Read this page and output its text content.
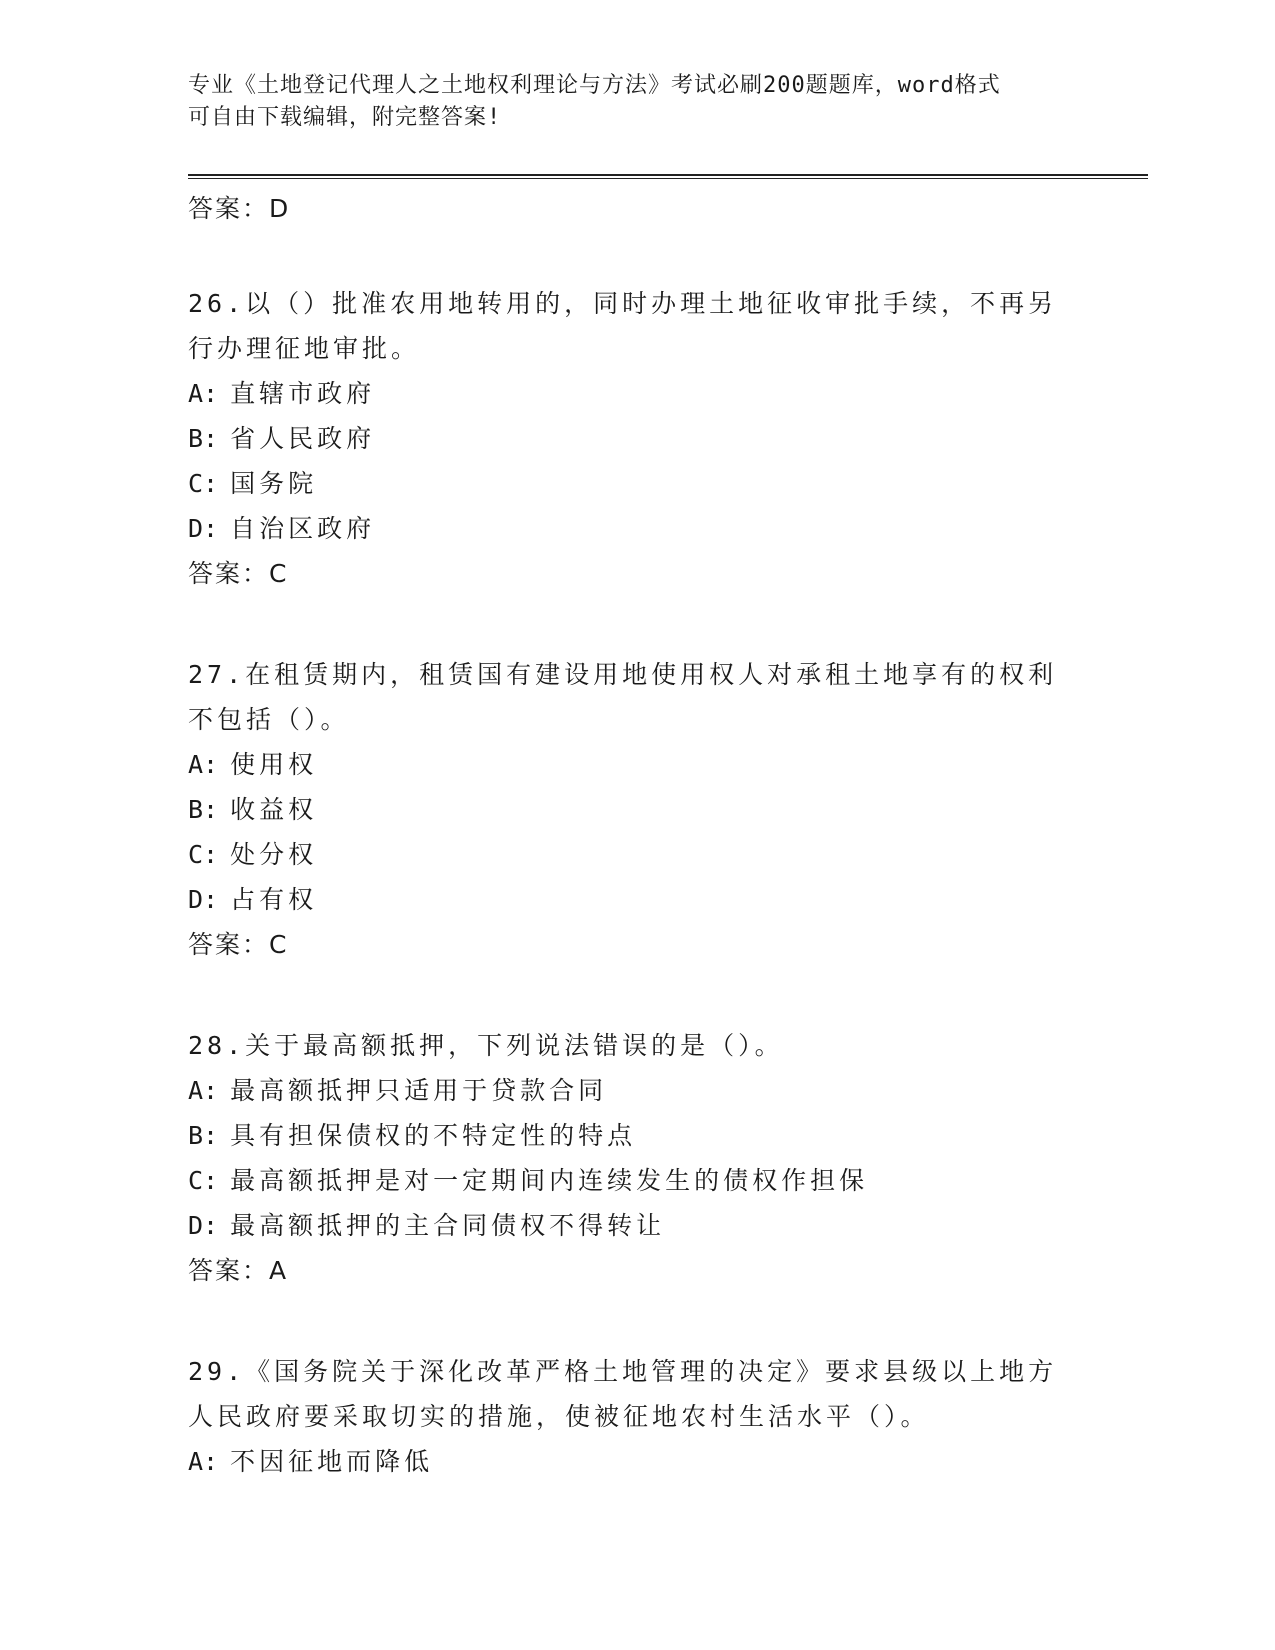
专业《土地登记代理人之土地权利理论与方法》考试必刷200题题库，word格式
可自由下载编辑，附完整答案!

答案：D

26.以（）批准农用地转用的，同时办理土地征收审批手续，不再另行办理征地审批。

A: 直辖市政府

B: 省人民政府

C: 国务院

D: 自治区政府

答案：C

27.在租赁期内，租赁国有建设用地使用权人对承租土地享有的权利不包括（）。

A: 使用权

B: 收益权

C: 处分权

D: 占有权

答案：C

28.关于最高额抵押，下列说法错误的是（）。

A: 最高额抵押只适用于贷款合同

B: 具有担保债权的不特定性的特点

C: 最高额抵押是对一定期间内连续发生的债权作担保

D: 最高额抵押的主合同债权不得转让

答案：A

29.《国务院关于深化改革严格土地管理的决定》要求县级以上地方人民政府要采取切实的措施，使被征地农村生活水平（）。

A: 不因征地而降低
